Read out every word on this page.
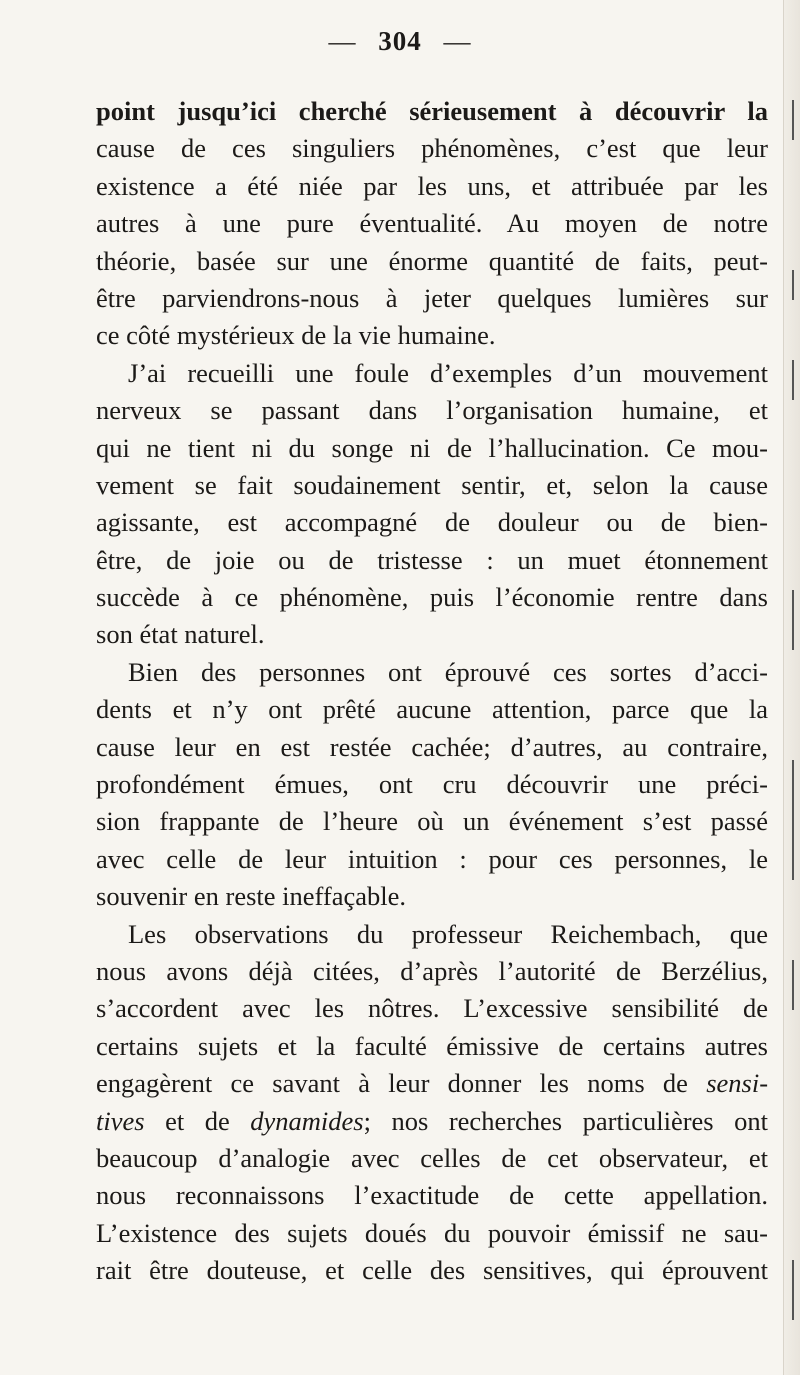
— 304 —
point jusqu’ici cherché sérieusement à découvrir la
cause de ces singuliers phénomènes, c’est que leur
existence a été niée par les uns, et attribuée par les
autres à une pure éventualité. Au moyen de notre
théorie, basée sur une énorme quantité de faits, peut-
être parviendrons-nous à jeter quelques lumières sur
ce côté mystérieux de la vie humaine.
J’ai recueilli une foule d’exemples d’un mouvement
nerveux se passant dans l’organisation humaine, et
qui ne tient ni du songe ni de l’hallucination. Ce mou-
vement se fait soudainement sentir, et, selon la cause
agissante, est accompagné de douleur ou de bien-
être, de joie ou de tristesse : un muet étonnement
succède à ce phénomène, puis l’économie rentre dans
son état naturel.
Bien des personnes ont éprouvé ces sortes d’acci-
dents et n’y ont prêté aucune attention, parce que la
cause leur en est restée cachée; d’autres, au contraire,
profondément émues, ont cru découvrir une préci-
sion frappante de l’heure où un événement s’est passé
avec celle de leur intuition : pour ces personnes, le
souvenir en reste ineffaçable.
Les observations du professeur Reichembach, que
nous avons déjà citées, d’après l’autorité de Berzélius,
s’accordent avec les nôtres. L’excessive sensibilité de
certains sujets et la faculté émissive de certains autres
engagèrent ce savant à leur donner les noms de sensi-
tives et de dynamides; nos recherches particulières ont
beaucoup d’analogie avec celles de cet observateur, et
nous reconnaissons l’exactitude de cette appellation.
L’existence des sujets doués du pouvoir émissif ne sau-
rait être douteuse, et celle des sensitives, qui éprouvent
